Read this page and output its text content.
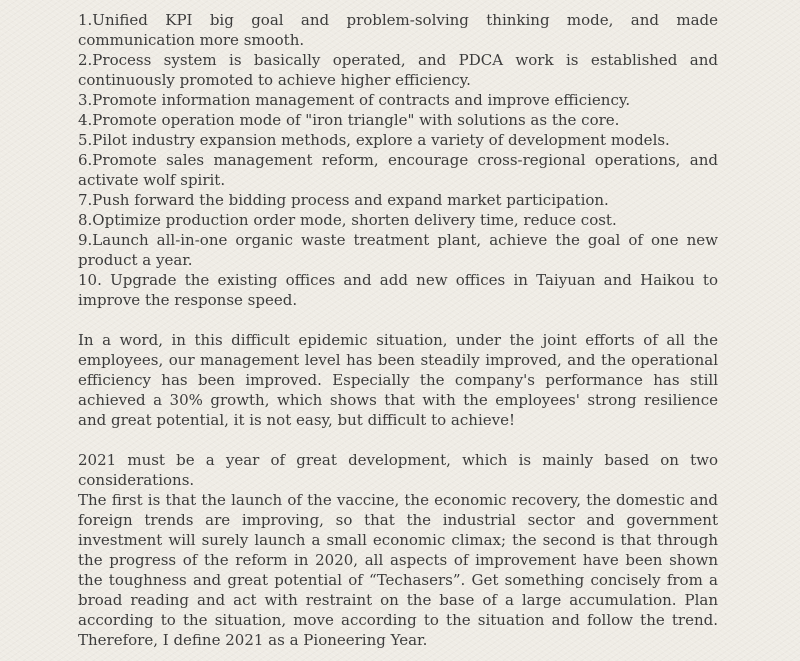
1.Unified KPI big goal and problem-solving thinking mode, and made communication more smooth.
2.Process system is basically operated, and PDCA work is established and continuously promoted to achieve higher efficiency.
3.Promote information management of contracts and improve efficiency.
4.Promote operation mode of "iron triangle" with solutions as the core.
5.Pilot industry expansion methods, explore a variety of development models.
6.Promote sales management reform, encourage cross-regional operations, and activate wolf spirit.
7.Push forward the bidding process and expand market participation.
8.Optimize production order mode, shorten delivery time, reduce cost.
9.Launch all-in-one organic waste treatment plant, achieve the goal of one new product a year.
10. Upgrade the existing offices and add new offices in Taiyuan and Haikou to improve the response speed.

In a word, in this difficult epidemic situation, under the joint efforts of all the employees, our management level has been steadily improved, and the operational efficiency has been improved. Especially the company's performance has still achieved a 30% growth, which shows that with the employees' strong resilience and great potential, it is not easy, but difficult to achieve!

2021 must be a year of great development, which is mainly based on two considerations.

The first is that the launch of the vaccine, the economic recovery, the domestic and foreign trends are improving, so that the industrial sector and government investment will surely launch a small economic climax; the second is that through the progress of the reform in 2020, all aspects of improvement have been shown the toughness and great potential of “Techasers”. Get something concisely from a broad reading and act with restraint on the base of a large accumulation. Plan according to the situation, move according to the situation and follow the trend. Therefore, I define 2021 as a Pioneering Year.
